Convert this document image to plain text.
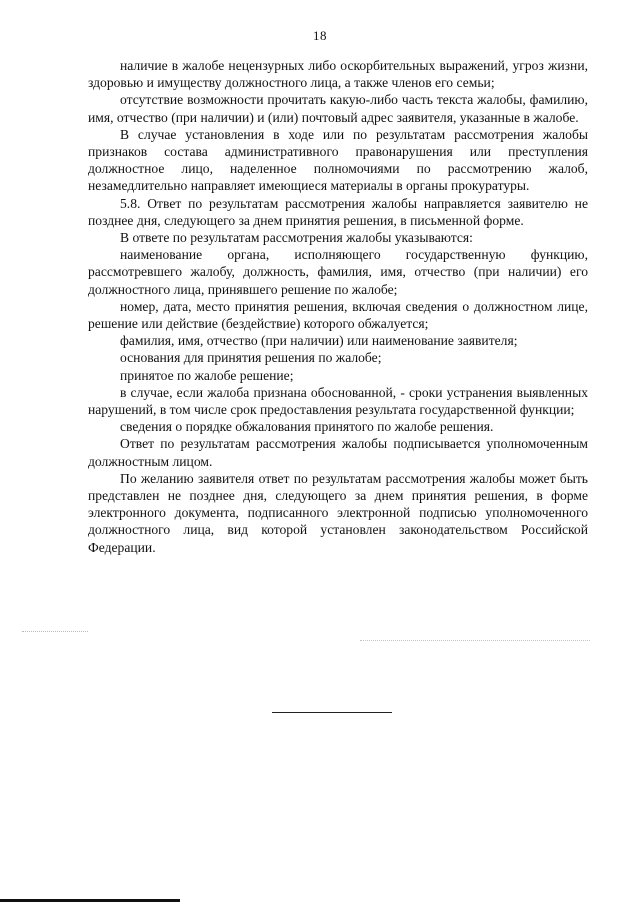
18

наличие в жалобе нецензурных либо оскорбительных выражений, угроз жизни, здоровью и имуществу должностного лица, а также членов его семьи;

отсутствие возможности прочитать какую-либо часть текста жалобы, фамилию, имя, отчество (при наличии) и (или) почтовый адрес заявителя, указанные в жалобе.

В случае установления в ходе или по результатам рассмотрения жалобы признаков состава административного правонарушения или преступления должностное лицо, наделенное полномочиями по рассмотрению жалоб, незамедлительно направляет имеющиеся материалы в органы прокуратуры.

5.8. Ответ по результатам рассмотрения жалобы направляется заявителю не позднее дня, следующего за днем принятия решения, в письменной форме.

В ответе по результатам рассмотрения жалобы указываются:

наименование органа, исполняющего государственную функцию, рассмотревшего жалобу, должность, фамилия, имя, отчество (при наличии) его должностного лица, принявшего решение по жалобе;

номер, дата, место принятия решения, включая сведения о должностном лице, решение или действие (бездействие) которого обжалуется;

фамилия, имя, отчество (при наличии) или наименование заявителя;

основания для принятия решения по жалобе;

принятое по жалобе решение;

в случае, если жалоба признана обоснованной, - сроки устранения выявленных нарушений, в том числе срок предоставления результата государственной функции;

сведения о порядке обжалования принятого по жалобе решения.

Ответ по результатам рассмотрения жалобы подписывается уполномоченным должностным лицом.

По желанию заявителя ответ по результатам рассмотрения жалобы может быть представлен не позднее дня, следующего за днем принятия решения, в форме электронного документа, подписанного электронной подписью уполномоченного должностного лица, вид которой установлен законодательством Российской Федерации.
